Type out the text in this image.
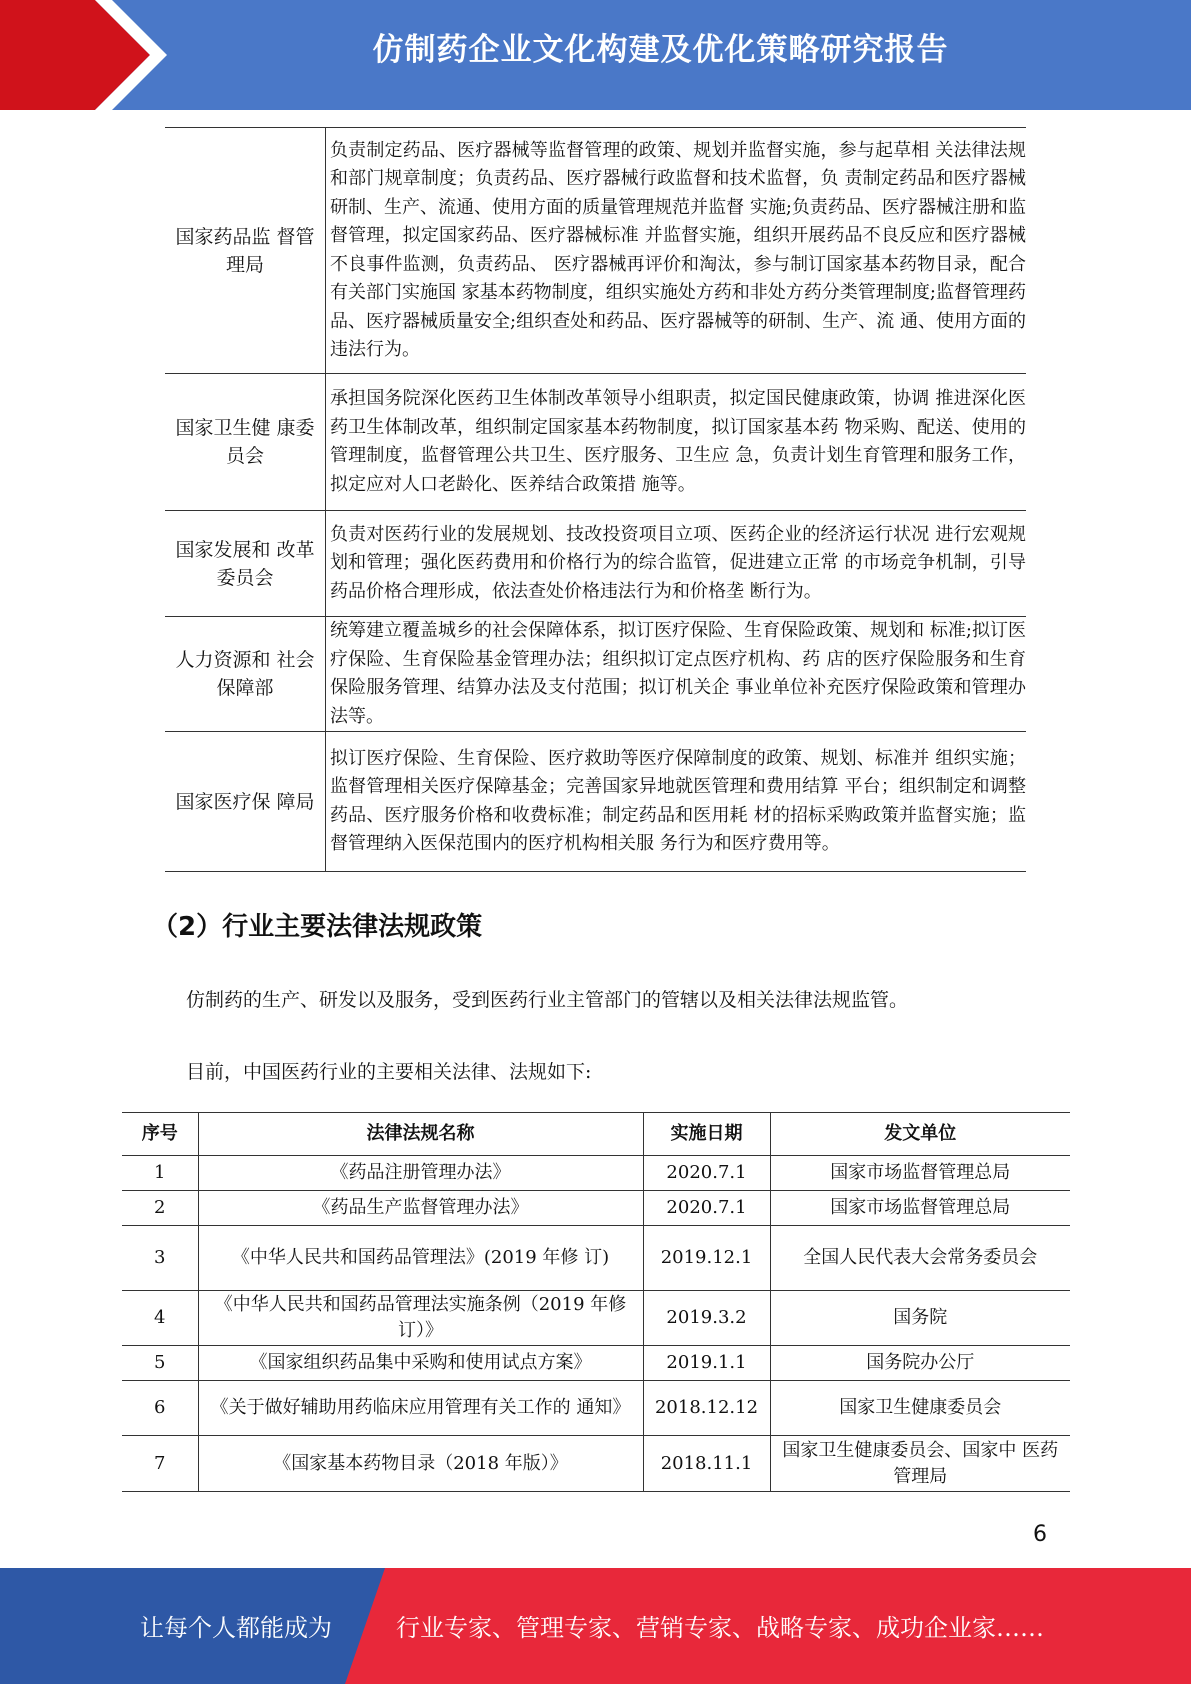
仿制药企业文化构建及优化策略研究报告
国家药品监 督管理局	负责制定药品、医疗器械等监督管理的政策、规划并监督实施，参与起草相 关法律法规和部门规章制度；负责药品、医疗器械行政监督和技术监督，负 责制定药品和医疗器械研制、生产、流通、使用方面的质量管理规范并监督 实施;负责药品、医疗器械注册和监督管理，拟定国家药品、医疗器械标准 并监督实施，组织开展药品不良反应和医疗器械不良事件监测，负责药品、 医疗器械再评价和淘汰，参与制订国家基本药物目录，配合有关部门实施国 家基本药物制度，组织实施处方药和非处方药分类管理制度;监督管理药 品、医疗器械质量安全;组织查处和药品、医疗器械等的研制、生产、流 通、使用方面的违法行为。
国家卫生健 康委员会	承担国务院深化医药卫生体制改革领导小组职责，拟定国民健康政策，协调 推进深化医药卫生体制改革，组织制定国家基本药物制度，拟订国家基本药 物采购、配送、使用的管理制度，监督管理公共卫生、医疗服务、卫生应 急，负责计划生育管理和服务工作，拟定应对人口老龄化、医养结合政策措 施等。
国家发展和 改革委员会	负责对医药行业的发展规划、技改投资项目立项、医药企业的经济运行状况 进行宏观规划和管理；强化医药费用和价格行为的综合监管，促进建立正常 的市场竞争机制，引导药品价格合理形成，依法查处价格违法行为和价格垄 断行为。
人力资源和 社会保障部	统筹建立覆盖城乡的社会保障体系，拟订医疗保险、生育保险政策、规划和 标准;拟订医疗保险、生育保险基金管理办法；组织拟订定点医疗机构、药 店的医疗保险服务和生育保险服务管理、结算办法及支付范围；拟订机关企 事业单位补充医疗保险政策和管理办法等。
国家医疗保 障局	拟订医疗保险、生育保险、医疗救助等医疗保障制度的政策、规划、标准并 组织实施；监督管理相关医疗保障基金；完善国家异地就医管理和费用结算 平台；组织制定和调整药品、医疗服务价格和收费标准；制定药品和医用耗 材的招标采购政策并监督实施；监督管理纳入医保范围内的医疗机构相关服 务行为和医疗费用等。
（2）行业主要法律法规政策
仿制药的生产、研发以及服务，受到医药行业主管部门的管辖以及相关法律法规监管。
目前，中国医药行业的主要相关法律、法规如下:
序号	法律法规名称	实施日期	发文单位
1	《药品注册管理办法》	2020.7.1	国家市场监督管理总局
2	《药品生产监督管理办法》	2020.7.1	国家市场监督管理总局
3	《中华人民共和国药品管理法》(2019 年修 订)	2019.12.1	全国人民代表大会常务委员会
4	《中华人民共和国药品管理法实施条例（2019 年修订）》	2019.3.2	国务院
5	《国家组织药品集中采购和使用试点方案》	2019.1.1	国务院办公厅
6	《关于做好辅助用药临床应用管理有关工作的 通知》	2018.12.12	国家卫生健康委员会
7	《国家基本药物目录（2018 年版）》	2018.11.1	国家卫生健康委员会、国家中 医药管理局
6
让每个人都能成为	行业专家、管理专家、营销专家、战略专家、成功企业家……
